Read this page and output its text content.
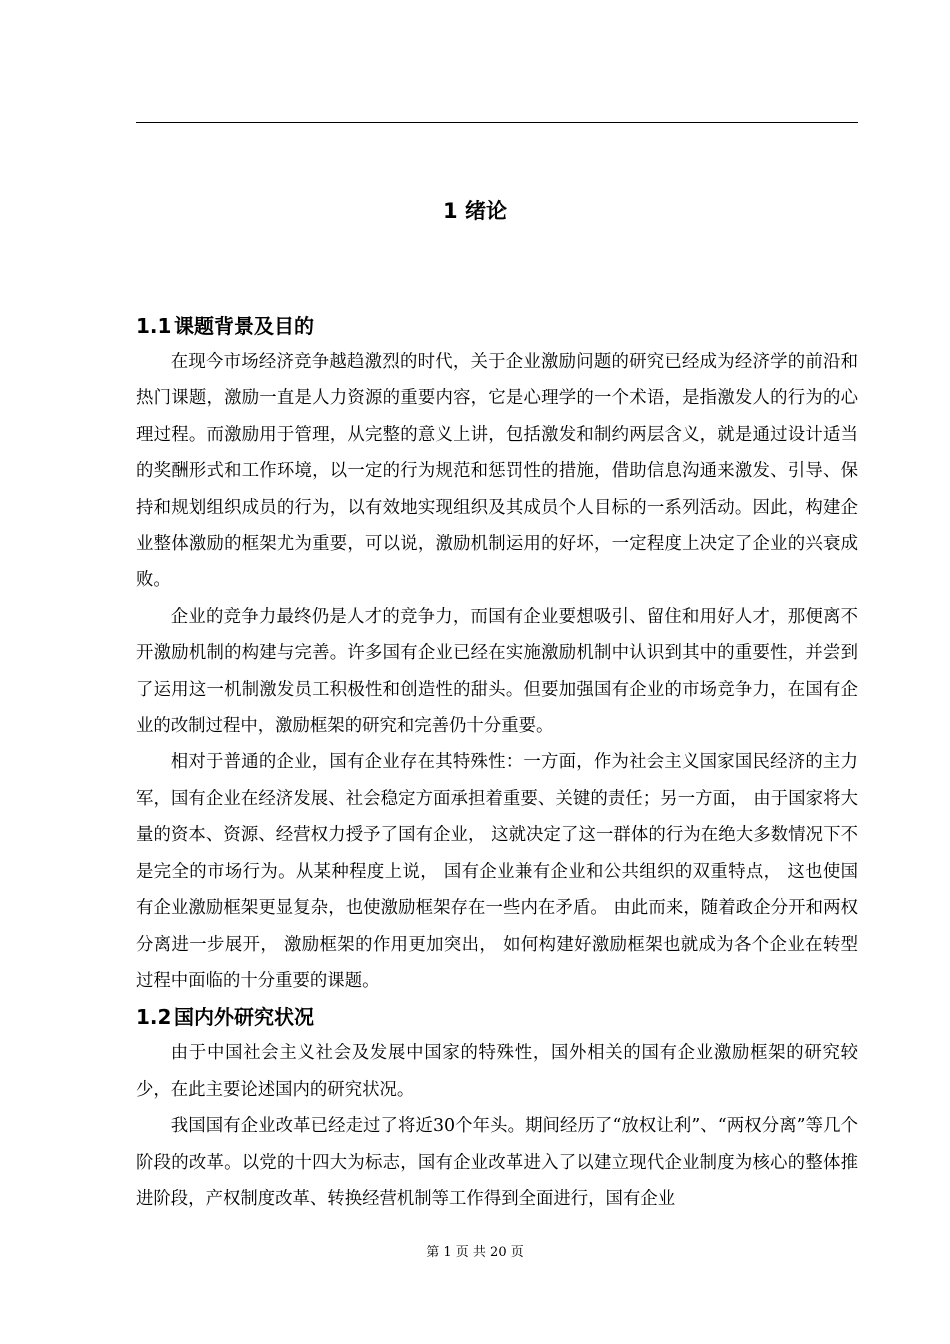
1 绪论
1.1 课题背景及目的

在现今市场经济竞争越趋激烈的时代，关于企业激励问题的研究已经成为经济学的前沿和热门课题，激励一直是人力资源的重要内容，它是心理学的一个术语，是指激发人的行为的心理过程。而激励用于管理，从完整的意义上讲，包括激发和制约两层含义，就是通过设计适当的奖酬形式和工作环境，以一定的行为规范和惩罚性的措施，借助信息沟通来激发、引导、保持和规划组织成员的行为，以有效地实现组织及其成员个人目标的一系列活动。因此，构建企业整体激励的框架尤为重要，可以说，激励机制运用的好坏，一定程度上决定了企业的兴衰成败。

企业的竞争力最终仍是人才的竞争力，而国有企业要想吸引、留住和用好人才，那便离不开激励机制的构建与完善。许多国有企业已经在实施激励机制中认识到其中的重要性，并尝到了运用这一机制激发员工积极性和创造性的甜头。但要加强国有企业的市场竞争力，在国有企业的改制过程中，激励框架的研究和完善仍十分重要。

相对于普通的企业，国有企业存在其特殊性：一方面，作为社会主义国家国民经济的主力军，国有企业在经济发展、社会稳定方面承担着重要、关键的责任；另一方面， 由于国家将大量的资本、资源、经营权力授予了国有企业， 这就决定了这一群体的行为在绝大多数情况下不是完全的市场行为。从某种程度上说， 国有企业兼有企业和公共组织的双重特点， 这也使国有企业激励框架更显复杂，也使激励框架存在一些内在矛盾。 由此而来，随着政企分开和两权分离进一步展开， 激励框架的作用更加突出， 如何构建好激励框架也就成为各个企业在转型过程中面临的十分重要的课题。

1.2 国内外研究状况

由于中国社会主义社会及发展中国家的特殊性，国外相关的国有企业激励框架的研究较少，在此主要论述国内的研究状况。

我国国有企业改革已经走过了将近30个年头。期间经历了“放权让利”、“两权分离”等几个阶段的改革。以党的十四大为标志，国有企业改革进入了以建立现代企业制度为核心的整体推进阶段，产权制度改革、转换经营机制等工作得到全面进行，国有企业

第 1 页 共 20 页
